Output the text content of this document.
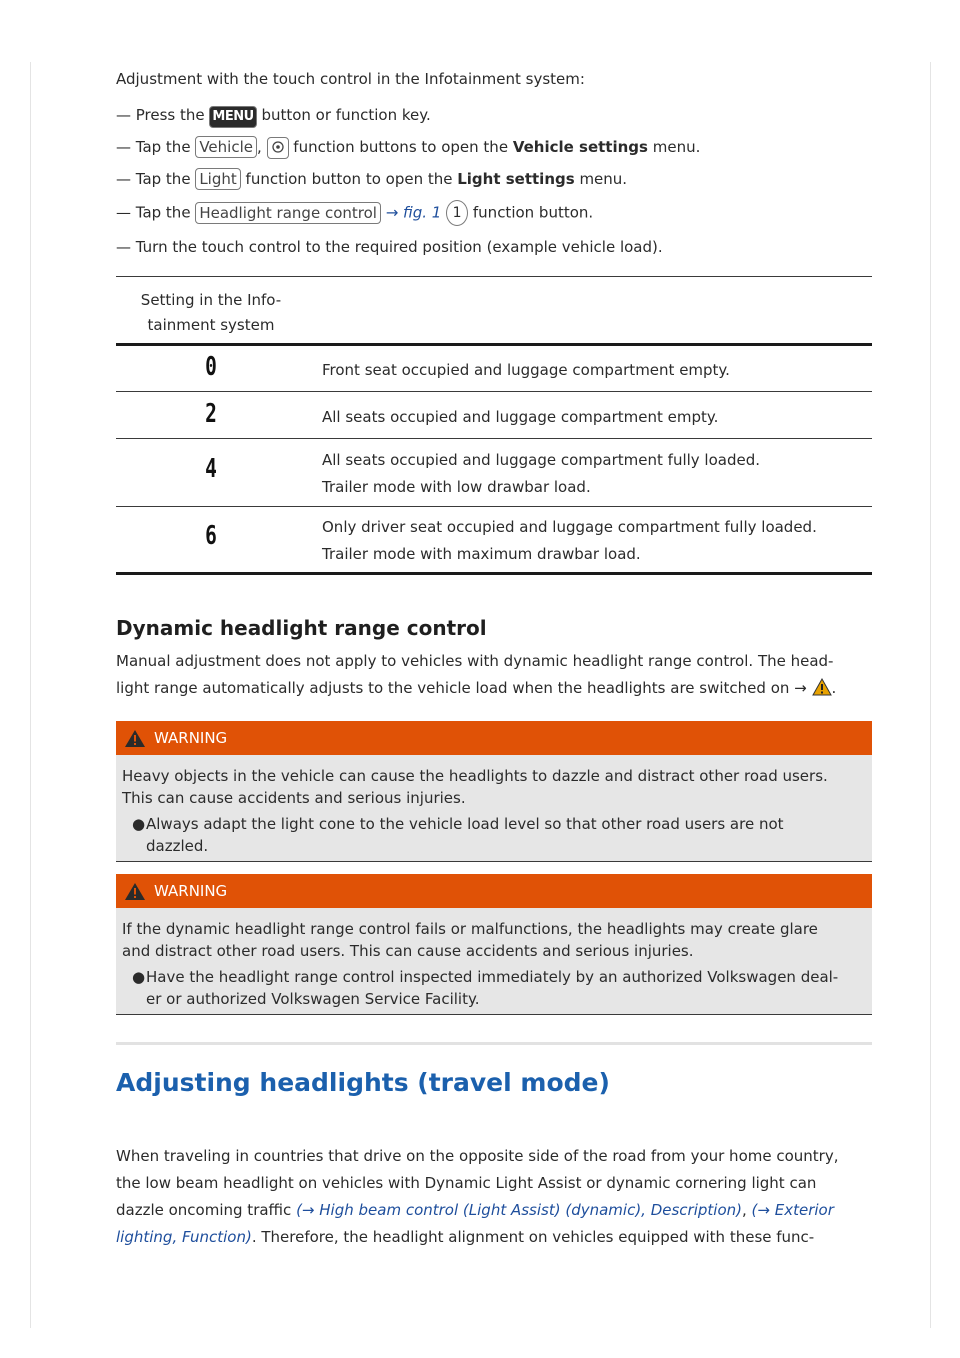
Adjustment with the touch control in the Infotainment system:
— Press the MENU button or function key.
— Tap the Vehicle ,  function buttons to open the Vehicle settings menu.
— Tap the Light function button to open the Light settings menu.
— Tap the Headlight range control → fig. 1 1 function button.
— Turn the touch control to the required position (example vehicle load).
Setting in the Info-
tainment system
0	Front seat occupied and luggage compartment empty.
2	All seats occupied and luggage compartment empty.
4	All seats occupied and luggage compartment fully loaded.
Trailer mode with low drawbar load.
6	Only driver seat occupied and luggage compartment fully loaded.
Trailer mode with maximum drawbar load.
Dynamic headlight range control
Manual adjustment does not apply to vehicles with dynamic headlight range control. The head-
light range automatically adjusts to the vehicle load when the headlights are switched on → .
WARNING
Heavy objects in the vehicle can cause the headlights to dazzle and distract other road users.
This can cause accidents and serious injuries.
● Always adapt the light cone to the vehicle load level so that other road users are not
dazzled.
WARNING
If the dynamic headlight range control fails or malfunctions, the headlights may create glare
and distract other road users. This can cause accidents and serious injuries.
● Have the headlight range control inspected immediately by an authorized Volkswagen deal-
er or authorized Volkswagen Service Facility.
Adjusting headlights (travel mode)
When traveling in countries that drive on the opposite side of the road from your home country,
the low beam headlight on vehicles with Dynamic Light Assist or dynamic cornering light can
dazzle oncoming traffic (→ High beam control (Light Assist) (dynamic), Description), (→ Exterior
lighting, Function). Therefore, the headlight alignment on vehicles equipped with these func-
